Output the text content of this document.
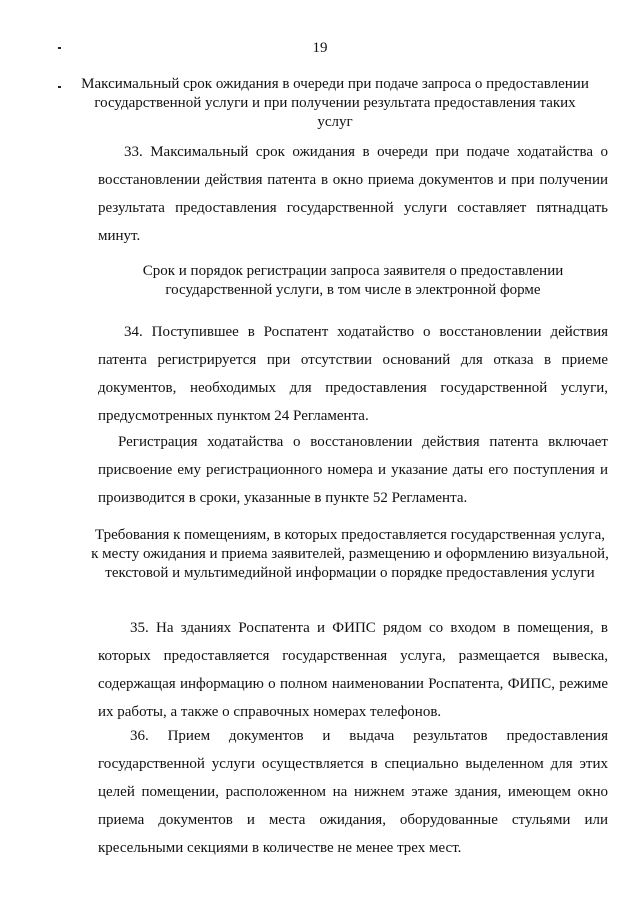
19
Максимальный срок ожидания в очереди при подаче запроса о предоставлении государственной услуги и при получении результата предоставления таких услуг
33. Максимальный срок ожидания в очереди при подаче ходатайства о восстановлении действия патента в окно приема документов и при получении результата предоставления государственной услуги составляет пятнадцать минут.
Срок и порядок регистрации запроса заявителя о предоставлении государственной услуги, в том числе в электронной форме
34. Поступившее в Роспатент ходатайство о восстановлении действия патента регистрируется при отсутствии оснований для отказа в приеме документов, необходимых для предоставления государственной услуги, предусмотренных пунктом 24 Регламента.
Регистрация ходатайства о восстановлении действия патента включает присвоение ему регистрационного номера и указание даты его поступления и производится в сроки, указанные в пункте 52 Регламента.
Требования к помещениям, в которых предоставляется государственная услуга, к месту ожидания и приема заявителей, размещению и оформлению визуальной, текстовой и мультимедийной информации о порядке предоставления услуги
35. На зданиях Роспатента и ФИПС рядом со входом в помещения, в которых предоставляется государственная услуга, размещается вывеска, содержащая информацию о полном наименовании Роспатента, ФИПС, режиме их работы, а также о справочных номерах телефонов.
36. Прием документов и выдача результатов предоставления государственной услуги осуществляется в специально выделенном для этих целей помещении, расположенном на нижнем этаже здания, имеющем окно приема документов и места ожидания, оборудованные стульями или кресельными секциями в количестве не менее трех мест.
